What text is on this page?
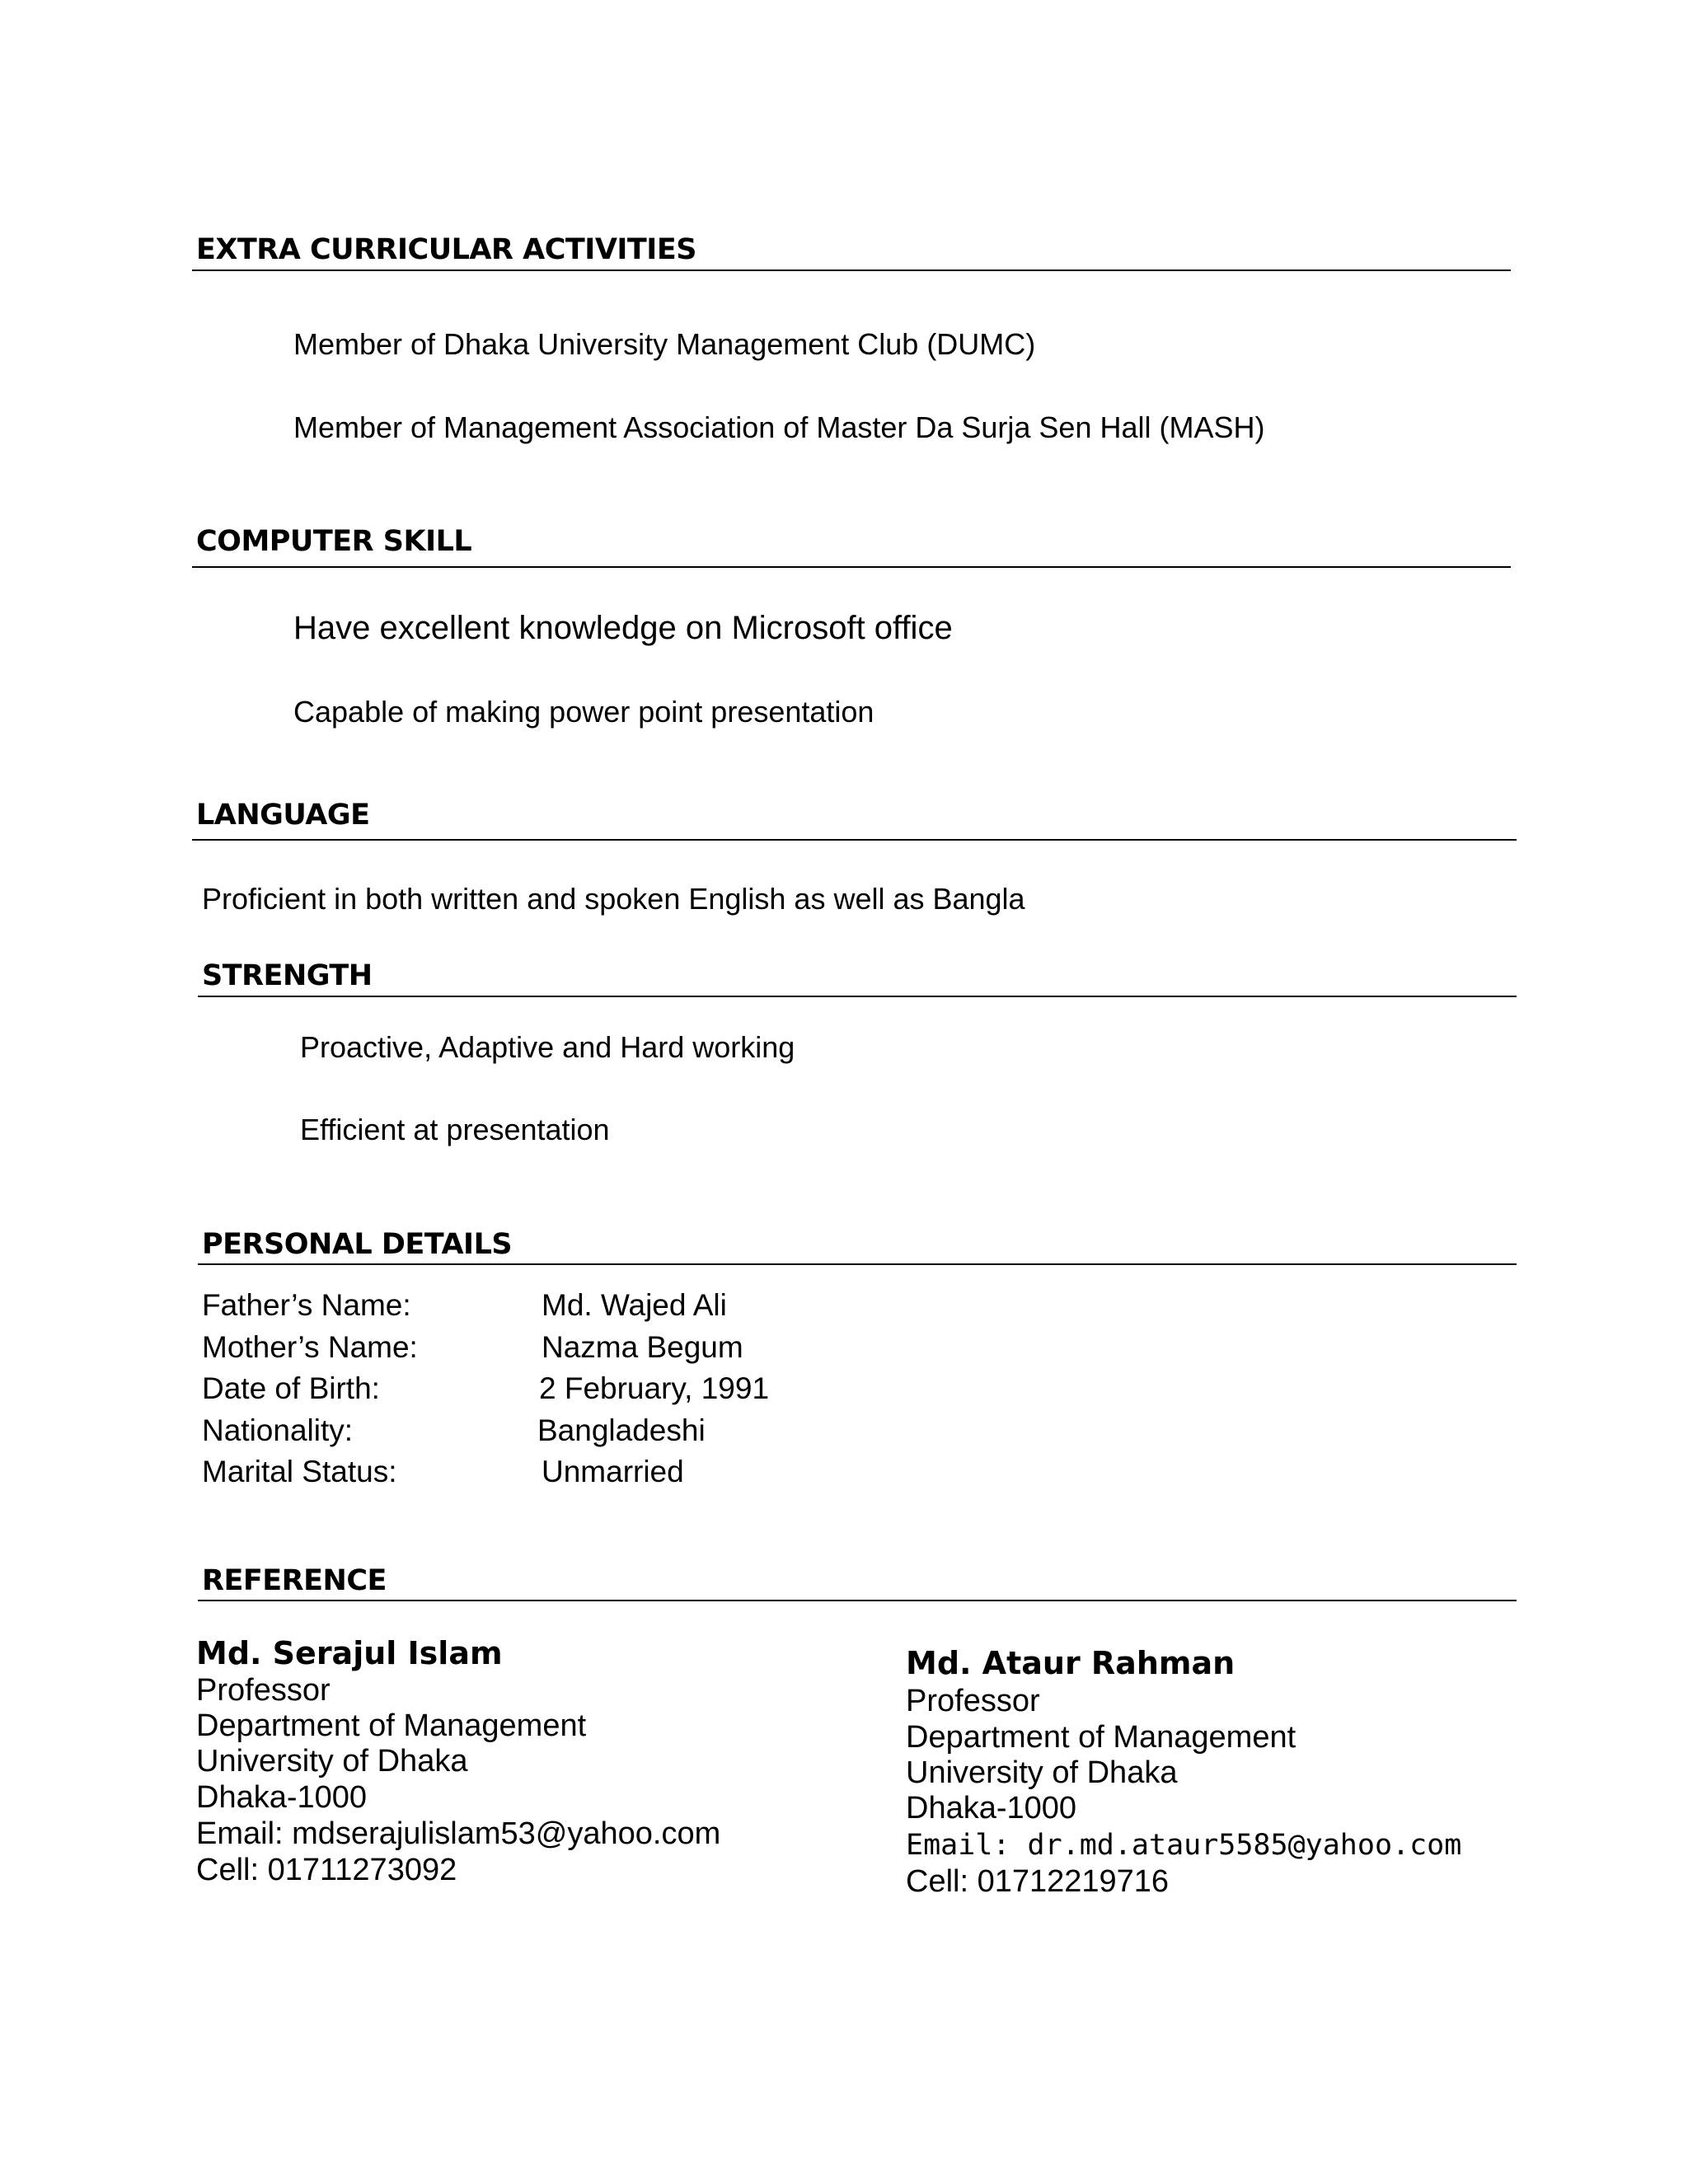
EXTRA CURRICULAR ACTIVITIES
Member of Dhaka University Management Club (DUMC)
Member of Management Association of Master Da Surja Sen Hall (MASH)
COMPUTER SKILL
Have excellent knowledge on Microsoft office
Capable of making power point presentation
LANGUAGE
Proficient in both written and spoken English as well as Bangla
STRENGTH
Proactive, Adaptive and Hard working
Efficient at presentation
PERSONAL DETAILS
Father’s Name:	Md. Wajed Ali
Mother’s Name:	Nazma Begum
Date of Birth:	2 February, 1991
Nationality:	Bangladeshi
Marital Status:	Unmarried
REFERENCE
Md. Serajul Islam
Professor
Department of Management
University of Dhaka
Dhaka-1000
Email: mdserajulislam53@yahoo.com
Cell: 01711273092
Md. Ataur Rahman
Professor
Department of Management
University of Dhaka
Dhaka-1000
Email: dr.md.ataur5585@yahoo.com
Cell: 01712219716
